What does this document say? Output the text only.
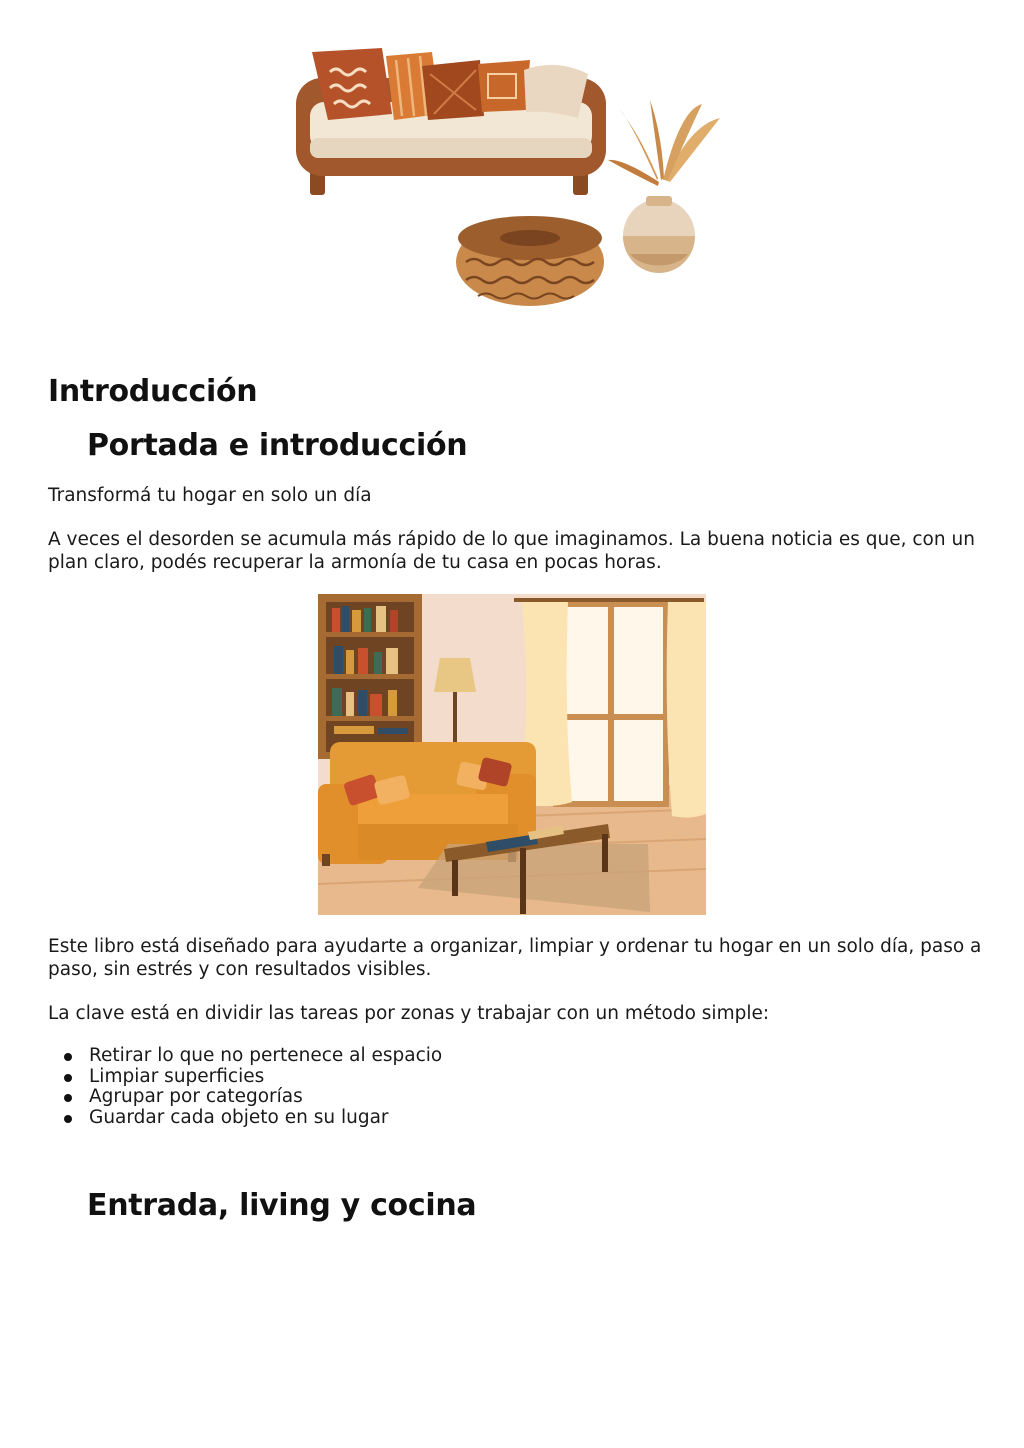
Introducción
Portada e introducción

Transformá tu hogar en solo un día

A veces el desorden se acumula más rápido de lo que imaginamos. La buena noticia es que, con un plan claro, podés recuperar la armonía de tu casa en pocas horas.

Este libro está diseñado para ayudarte a organizar, limpiar y ordenar tu hogar en un solo día, paso a paso, sin estrés y con resultados visibles.

La clave está en dividir las tareas por zonas y trabajar con un método simple:

Retirar lo que no pertenece al espacio
Limpiar superficies
Agrupar por categorías
Guardar cada objeto en su lugar
Entrada, living y cocina
